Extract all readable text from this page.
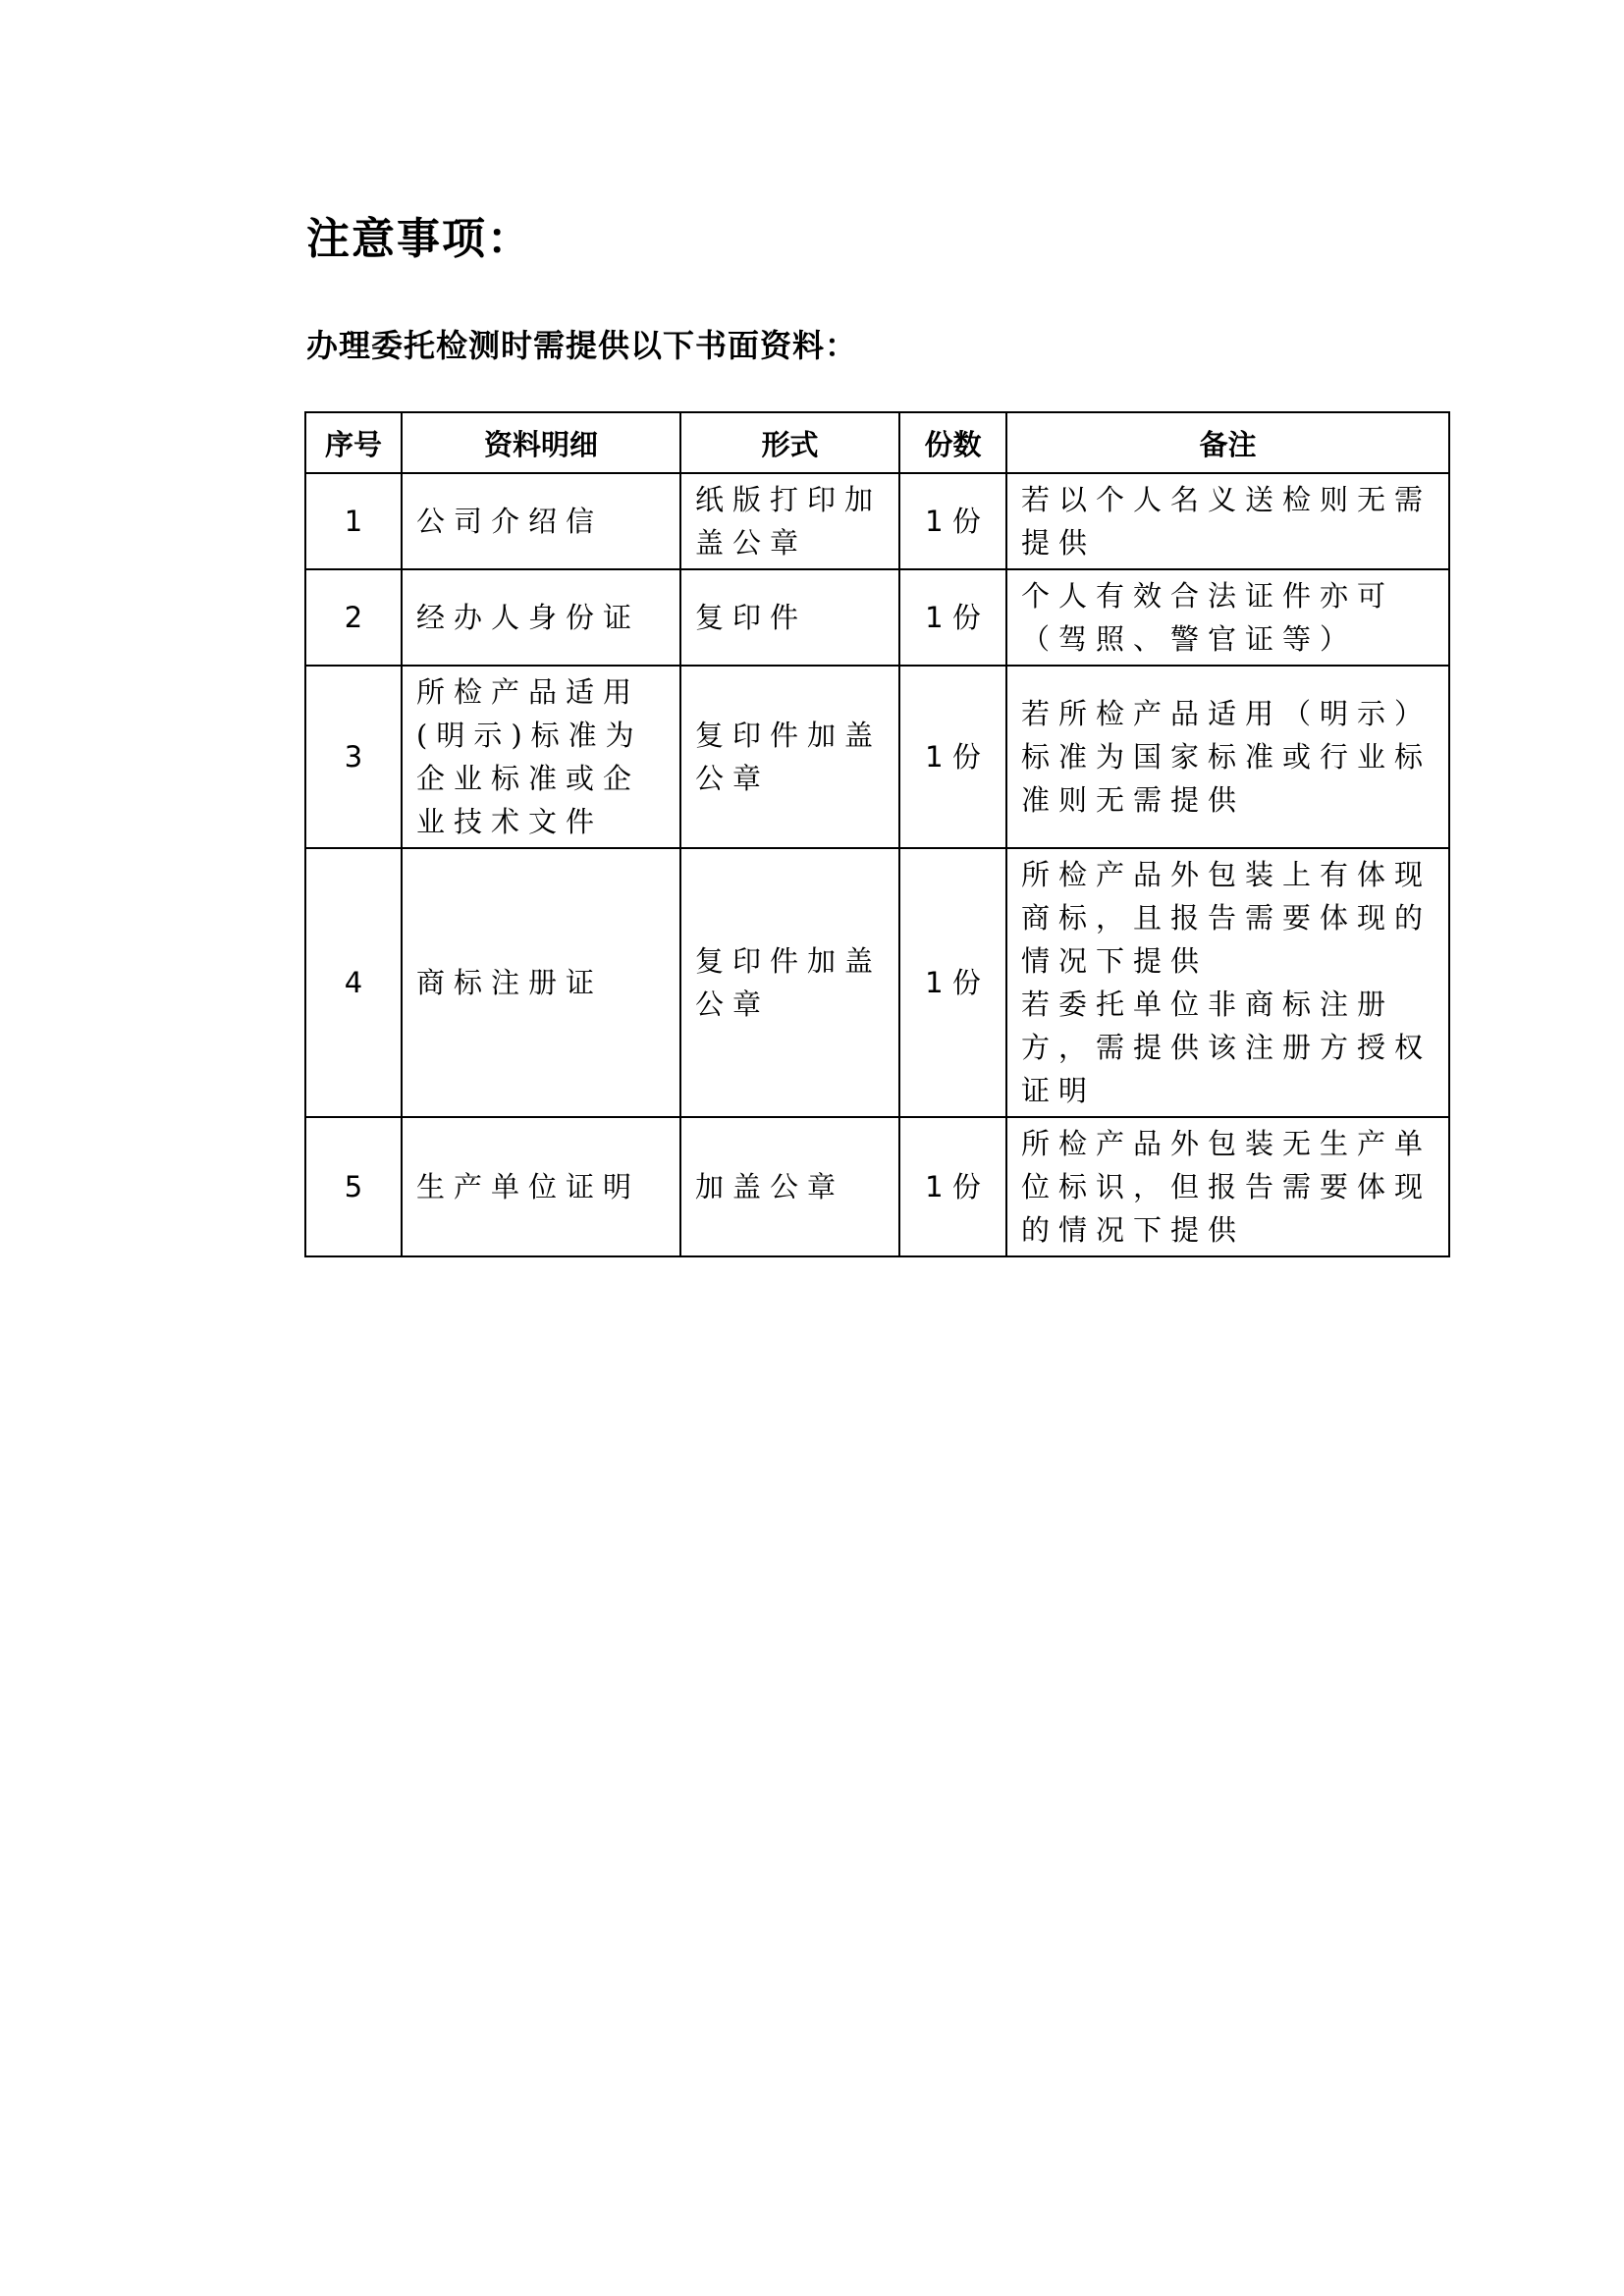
注意事项：
办理委托检测时需提供以下书面资料：
序号	资料明细	形式	份数	备注
1	公司介绍信	纸版打印加盖公章	1 份	若以个人名义送检则无需提供

2	经办人身份证	复印件	1 份	个人有效合法证件亦可（驾照、警官证等）

3	所检产品适用(明示)标准为企业标准或企业技术文件	复印件加盖公章	1 份	若所检产品适用（明示）标准为国家标准或行业标准则无需提供

4	商标注册证	复印件加盖公章	1 份	所检产品外包装上有体现商标，且报告需要体现的情况下提供
若委托单位非商标注册方，需提供该注册方授权证明

5	生产单位证明	加盖公章	1 份	所检产品外包装无生产单位标识，但报告需要体现的情况下提供
